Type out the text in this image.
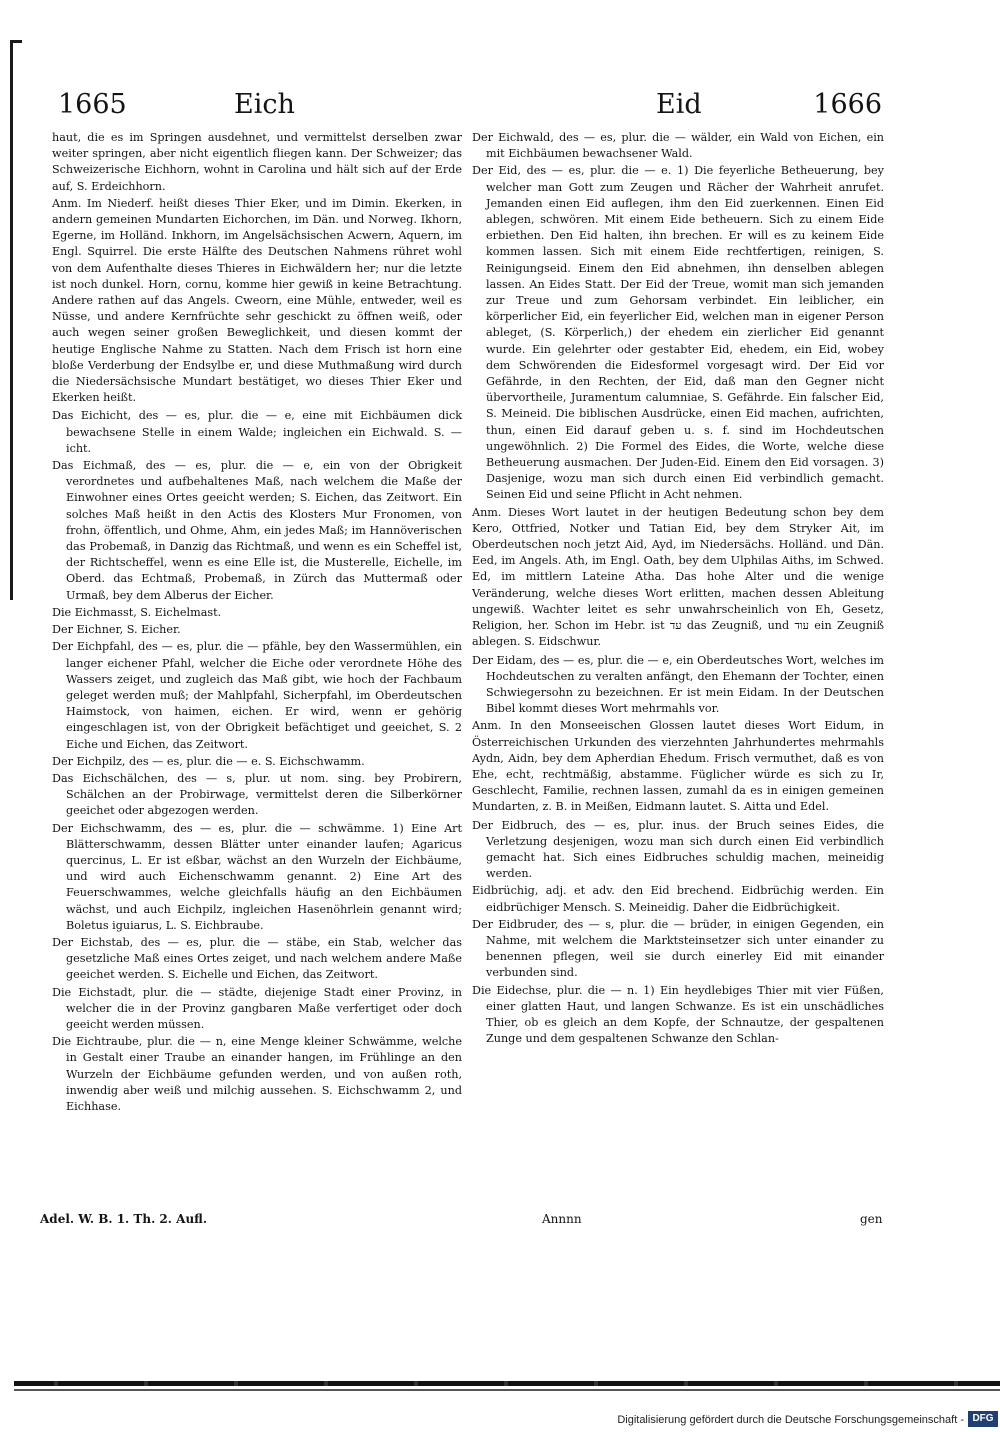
1665	Eich	Eid	1666

haut, die es im Springen ausdehnet, und vermittelst derselben zwar weiter springen, aber nicht eigentlich fliegen kann. Der Schweizer; das Schweizerische Eichhorn, wohnt in Carolina und hält sich auf der Erde auf, S. Erdeichhorn.

Anm. Im Niederf. heißt dieses Thier Eker, und im Dimin. Ekerken, in andern gemeinen Mundarten Eichorchen, im Dän. und Norweg. Ikhorn, Egerne, im Holländ. Inkhorn, im Angelsächsischen Acwern, Aquern, im Engl. Squirrel. Die erste Hälfte des Deutschen Nahmens rühret wohl von dem Aufenthalte dieses Thieres in Eichwäldern her; nur die letzte ist noch dunkel. Horn, cornu, komme hier gewiß in keine Betrachtung. Andere rathen auf das Angels. Cweorn, eine Mühle, entweder, weil es Nüsse, und andere Kernfrüchte sehr geschickt zu öffnen weiß, oder auch wegen seiner großen Beweglichkeit, und diesen kommt der heutige Englische Nahme zu Statten. Nach dem Frisch ist horn eine bloße Verderbung der Endsylbe er, und diese Muthmaßung wird durch die Niedersächsische Mundart bestätiget, wo dieses Thier Eker und Ekerken heißt.

Das Eichicht, des — es, plur. die — e, eine mit Eichbäumen dick bewachsene Stelle in einem Walde; ingleichen ein Eichwald. S. — icht.

Das Eichmaß, des — es, plur. die — e, ein von der Obrigkeit verordnetes und aufbehaltenes Maß, nach welchem die Maße der Einwohner eines Ortes geeicht werden; S. Eichen, das Zeitwort. Ein solches Maß heißt in den Actis des Klosters Mur Fronomen, von frohn, öffentlich, und Ohme, Ahm, ein jedes Maß; im Hannöverischen das Probemaß, in Danzig das Richtmaß, und wenn es ein Scheffel ist, der Richtscheffel, wenn es eine Elle ist, die Musterelle, Eichelle, im Oberd. das Echtmaß, Probemaß, in Zürch das Muttermaß oder Urmaß, bey dem Alberus der Eicher.

Die Eichmasst, S. Eichelmast.

Der Eichner, S. Eicher.

Der Eichpfahl, des — es, plur. die — pfähle, bey den Wassermühlen, ein langer eichener Pfahl, welcher die Eiche oder verordnete Höhe des Wassers zeiget, und zugleich das Maß gibt, wie hoch der Fachbaum geleget werden muß; der Mahlpfahl, Sicherpfahl, im Oberdeutschen Haimstock, von haimen, eichen. Er wird, wenn er gehörig eingeschlagen ist, von der Obrigkeit befächtiget und geeichet, S. 2 Eiche und Eichen, das Zeitwort.

Der Eichpilz, des — es, plur. die — e. S. Eichschwamm.

Das Eichschälchen, des — s, plur. ut nom. sing. bey Probirern, Schälchen an der Probirwage, vermittelst deren die Silberkörner geeichet oder abgezogen werden.

Der Eichschwamm, des — es, plur. die — schwämme. 1) Eine Art Blätterschwamm, dessen Blätter unter einander laufen; Agaricus quercinus, L. Er ist eßbar, wächst an den Wurzeln der Eichbäume, und wird auch Eichenschwamm genannt. 2) Eine Art des Feuerschwammes, welche gleichfalls häufig an den Eichbäumen wächst, und auch Eichpilz, ingleichen Hasenöhrlein genannt wird; Boletus iguiarus, L. S. Eichbraube.

Der Eichstab, des — es, plur. die — stäbe, ein Stab, welcher das gesetzliche Maß eines Ortes zeiget, und nach welchem andere Maße geeichet werden. S. Eichelle und Eichen, das Zeitwort.

Die Eichstadt, plur. die — städte, diejenige Stadt einer Provinz, in welcher die in der Provinz gangbaren Maße verfertiget oder doch geeicht werden müssen.

Die Eichtraube, plur. die — n, eine Menge kleiner Schwämme, welche in Gestalt einer Traube an einander hangen, im Frühlinge an den Wurzeln der Eichbäume gefunden werden, und von außen roth, inwendig aber weiß und milchig aussehen. S. Eichschwamm 2, und Eichhase.

Der Eichwald, des — es, plur. die — wälder, ein Wald von Eichen, ein mit Eichbäumen bewachsener Wald.

Der Eid, des — es, plur. die — e. 1) Die feyerliche Betheuerung, bey welcher man Gott zum Zeugen und Rächer der Wahrheit anrufet. Jemanden einen Eid auflegen, ihm den Eid zuerkennen. Einen Eid ablegen, schwören. Mit einem Eide betheuern. Sich zu einem Eide erbiethen. Den Eid halten, ihn brechen. Er will es zu keinem Eide kommen lassen. Sich mit einem Eide rechtfertigen, reinigen, S. Reinigungseid. Einem den Eid abnehmen, ihn denselben ablegen lassen. An Eides Statt. Der Eid der Treue, womit man sich jemanden zur Treue und zum Gehorsam verbindet. Ein leiblicher, ein körperlicher Eid, ein feyerlicher Eid, welchen man in eigener Person ableget, (S. Körperlich,) der ehedem ein zierlicher Eid genannt wurde. Ein gelehrter oder gestabter Eid, ehedem, ein Eid, wobey dem Schwörenden die Eidesformel vorgesagt wird. Der Eid vor Gefährde, in den Rechten, der Eid, daß man den Gegner nicht übervortheile, Juramentum calumniae, S. Gefährde. Ein falscher Eid, S. Meineid. Die biblischen Ausdrücke, einen Eid machen, aufrichten, thun, einen Eid darauf geben u. s. f. sind im Hochdeutschen ungewöhnlich. 2) Die Formel des Eides, die Worte, welche diese Betheuerung ausmachen. Der Juden-Eid. Einem den Eid vorsagen. 3) Dasjenige, wozu man sich durch einen Eid verbindlich gemacht. Seinen Eid und seine Pflicht in Acht nehmen.

Anm. Dieses Wort lautet in der heutigen Bedeutung schon bey dem Kero, Ottfried, Notker und Tatian Eid, bey dem Stryker Ait, im Oberdeutschen noch jetzt Aid, Ayd, im Niedersächs. Holländ. und Dän. Eed, im Angels. Ath, im Engl. Oath, bey dem Ulphilas Aiths, im Schwed. Ed, im mittlern Lateine Atha. Das hohe Alter und die wenige Veränderung, welche dieses Wort erlitten, machen dessen Ableitung ungewiß. Wachter leitet es sehr unwahrscheinlich von Eh, Gesetz, Religion, her. Schon im Hebr. ist עד das Zeugniß, und עוד ein Zeugniß ablegen. S. Eidschwur.

Der Eidam, des — es, plur. die — e, ein Oberdeutsches Wort, welches im Hochdeutschen zu veralten anfängt, den Ehemann der Tochter, einen Schwiegersohn zu bezeichnen. Er ist mein Eidam. In der Deutschen Bibel kommt dieses Wort mehrmahls vor.

Anm. In den Monseeischen Glossen lautet dieses Wort Eidum, in Österreichischen Urkunden des vierzehnten Jahrhundertes mehrmahls Aydn, Aidn, bey dem Apherdian Ehedum. Frisch vermuthet, daß es von Ehe, echt, rechtmäßig, abstamme. Füglicher würde es sich zu Ir, Geschlecht, Familie, rechnen lassen, zumahl da es in einigen gemeinen Mundarten, z. B. in Meißen, Eidmann lautet. S. Aitta und Edel.

Der Eidbruch, des — es, plur. inus. der Bruch seines Eides, die Verletzung desjenigen, wozu man sich durch einen Eid verbindlich gemacht hat. Sich eines Eidbruches schuldig machen, meineidig werden.

Eidbrüchig, adj. et adv. den Eid brechend. Eidbrüchig werden. Ein eidbrüchiger Mensch. S. Meineidig. Daher die Eidbrüchigkeit.

Der Eidbruder, des — s, plur. die — brüder, in einigen Gegenden, ein Nahme, mit welchem die Marktsteinsetzer sich unter einander zu benennen pflegen, weil sie durch einerley Eid mit einander verbunden sind.

Die Eidechse, plur. die — n. 1) Ein heydlebiges Thier mit vier Füßen, einer glatten Haut, und langen Schwanze. Es ist ein unschädliches Thier, ob es gleich an dem Kopfe, der Schnautze, der gespaltenen Zunge und dem gespaltenen Schwanze den Schlan-

Adel. W. B. 1. Th. 2. Aufl.	Annnn	gen
Digitalisierung gefördert durch die Deutsche Forschungsgemeinschaft - DFG
